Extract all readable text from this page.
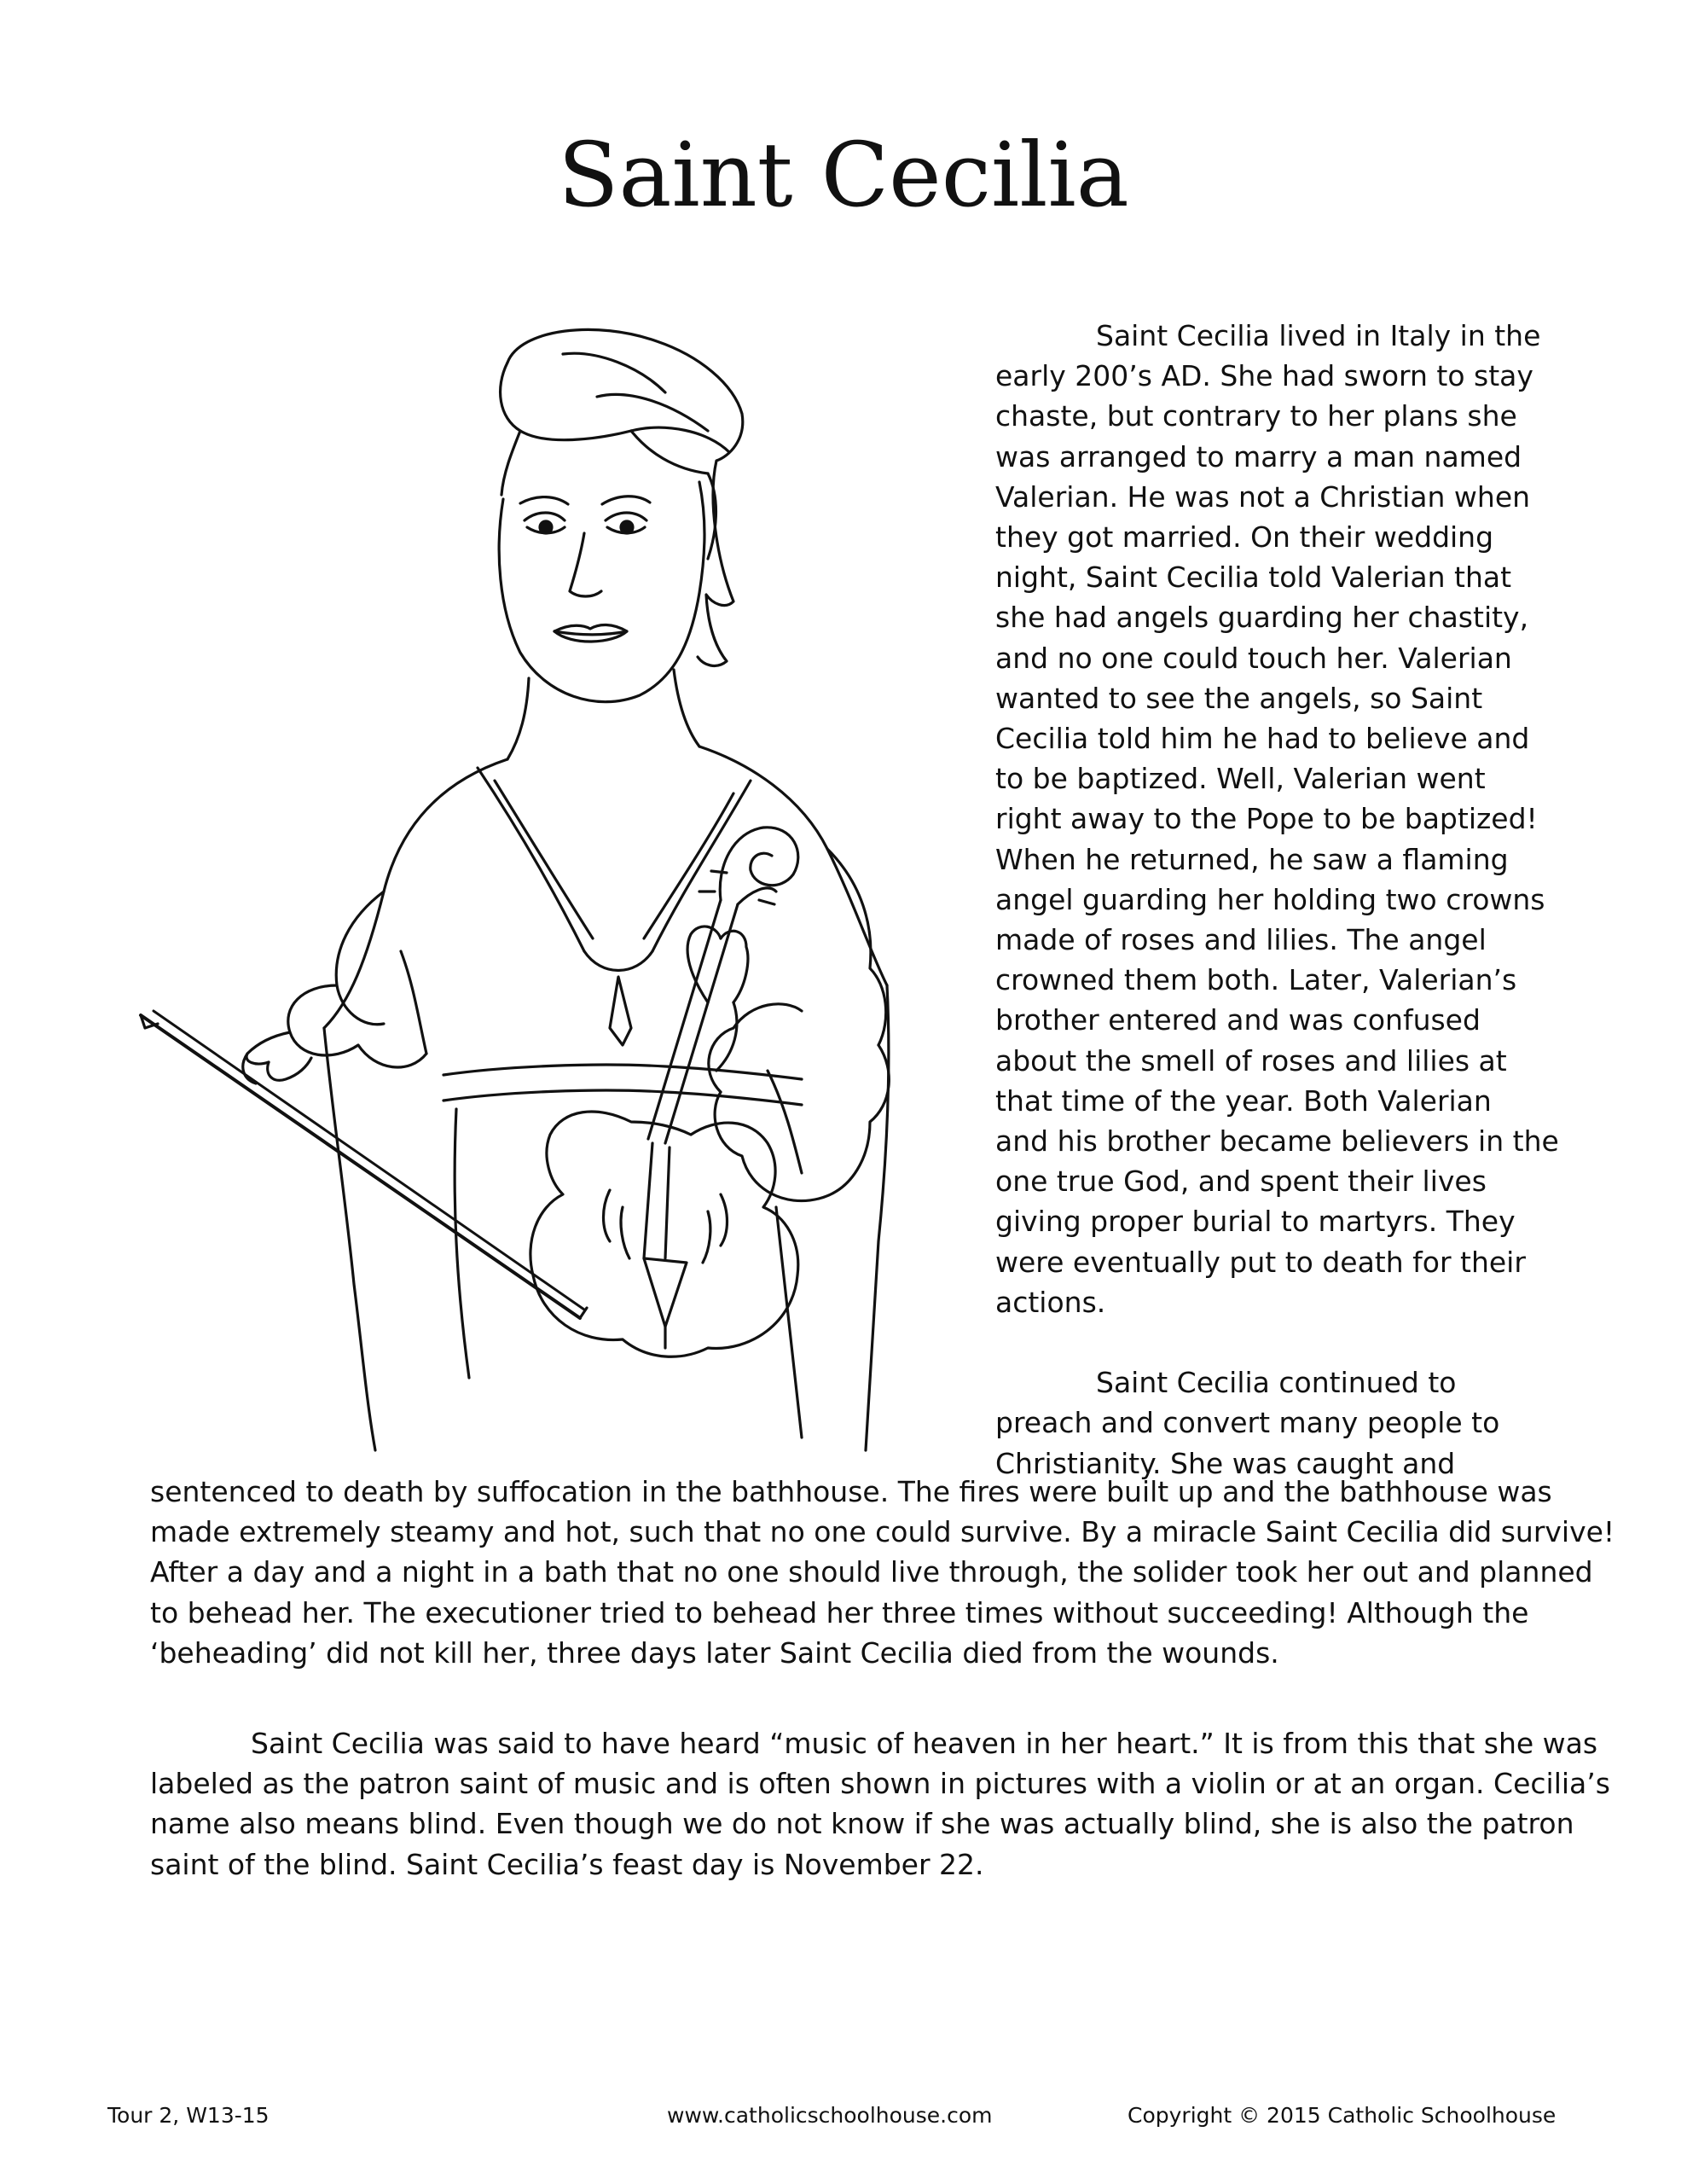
Saint Cecilia
Saint Cecilia lived in Italy in the
early 200’s AD. She had sworn to stay
chaste, but contrary to her plans she
was arranged to marry a man named
Valerian. He was not a Christian when
they got married. On their wedding
night, Saint Cecilia told Valerian that
she had angels guarding her chastity,
and no one could touch her. Valerian
wanted to see the angels, so Saint
Cecilia told him he had to believe and
to be baptized. Well, Valerian went
right away to the Pope to be baptized!
When he returned, he saw a flaming
angel guarding her holding two crowns
made of roses and lilies. The angel
crowned them both. Later, Valerian’s
brother entered and was confused
about the smell of roses and lilies at
that time of the year. Both Valerian
and his brother became believers in the
one true God, and spent their lives
giving proper burial to martyrs. They
were eventually put to death for their
actions.

Saint Cecilia continued to
preach and convert many people to
Christianity. She was caught and
sentenced to death by suffocation in the bathhouse. The fires were built up and the bathhouse was
made extremely steamy and hot, such that no one could survive. By a miracle Saint Cecilia did survive!
After a day and a night in a bath that no one should live through, the solider took her out and planned
to behead her. The executioner tried to behead her three times without succeeding! Although the
‘beheading’ did not kill her, three days later Saint Cecilia died from the wounds.
Saint Cecilia was said to have heard “music of heaven in her heart.” It is from this that she was
labeled as the patron saint of music and is often shown in pictures with a violin or at an organ. Cecilia’s
name also means blind. Even though we do not know if she was actually blind, she is also the patron
saint of the blind. Saint Cecilia’s feast day is November 22.
Tour 2, W13-15	www.catholicschoolhouse.com	Copyright © 2015 Catholic Schoolhouse
